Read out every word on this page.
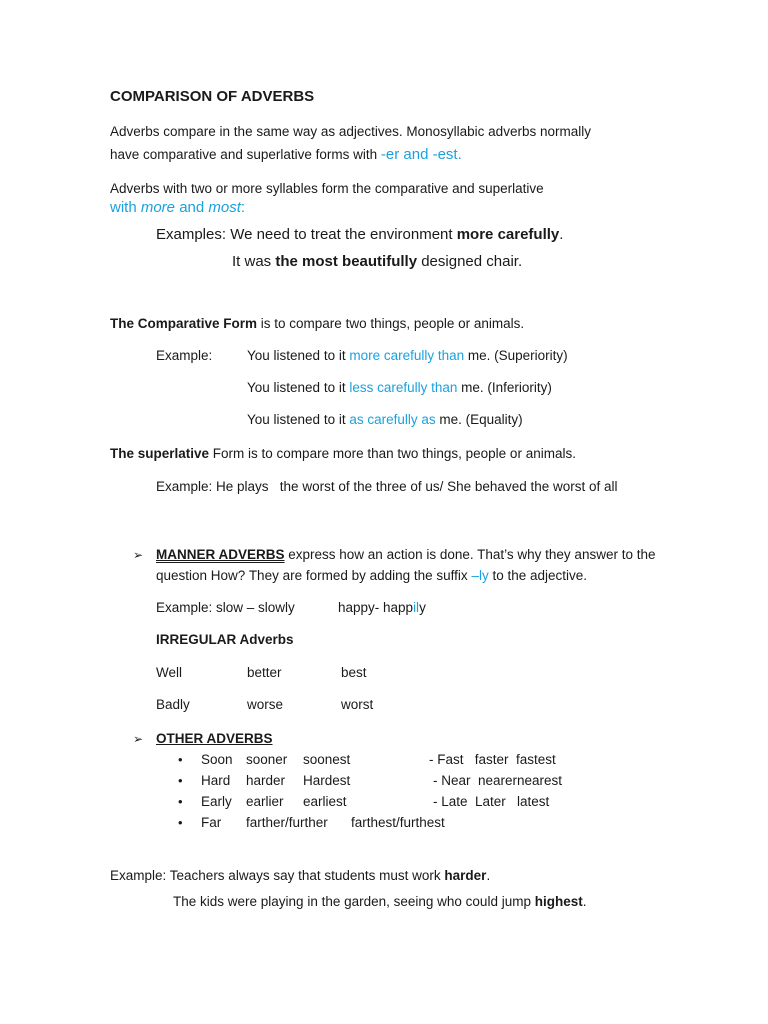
COMPARISON OF ADVERBS
Adverbs compare in the same way as adjectives. Monosyllabic adverbs normally
have comparative and superlative forms with -er and -est.
Adverbs with two or more syllables form the comparative and superlative
with more and most:
Examples: We need to treat the environment more carefully.
It was the most beautifully designed chair.
The Comparative Form is to compare two things, people or animals.
Example:	You listened to it more carefully than me. (Superiority)
You listened to it less carefully than me. (Inferiority)
You listened to it as carefully as me. (Equality)
The superlative Form is to compare more than two things, people or animals.
Example: He plays   the worst of the three of us/ She behaved the worst of all
➢ MANNER ADVERBS express how an action is done. That’s why they answer to the
question How? They are formed by adding the suffix –ly to the adjective.
Example: slow – slowly	happy- happily
IRREGULAR Adverbs
Well	better	best
Badly	worse	worst
➢ OTHER ADVERBS
• Soon sooner soonest	- Fast   faster  fastest
• Hard harder Hardest	- Near  nearernearest
• Early earlier earliest	- Late  Later   latest
• Far farther/further farthest/furthest
Example: Teachers always say that students must work harder.
The kids were playing in the garden, seeing who could jump highest.
